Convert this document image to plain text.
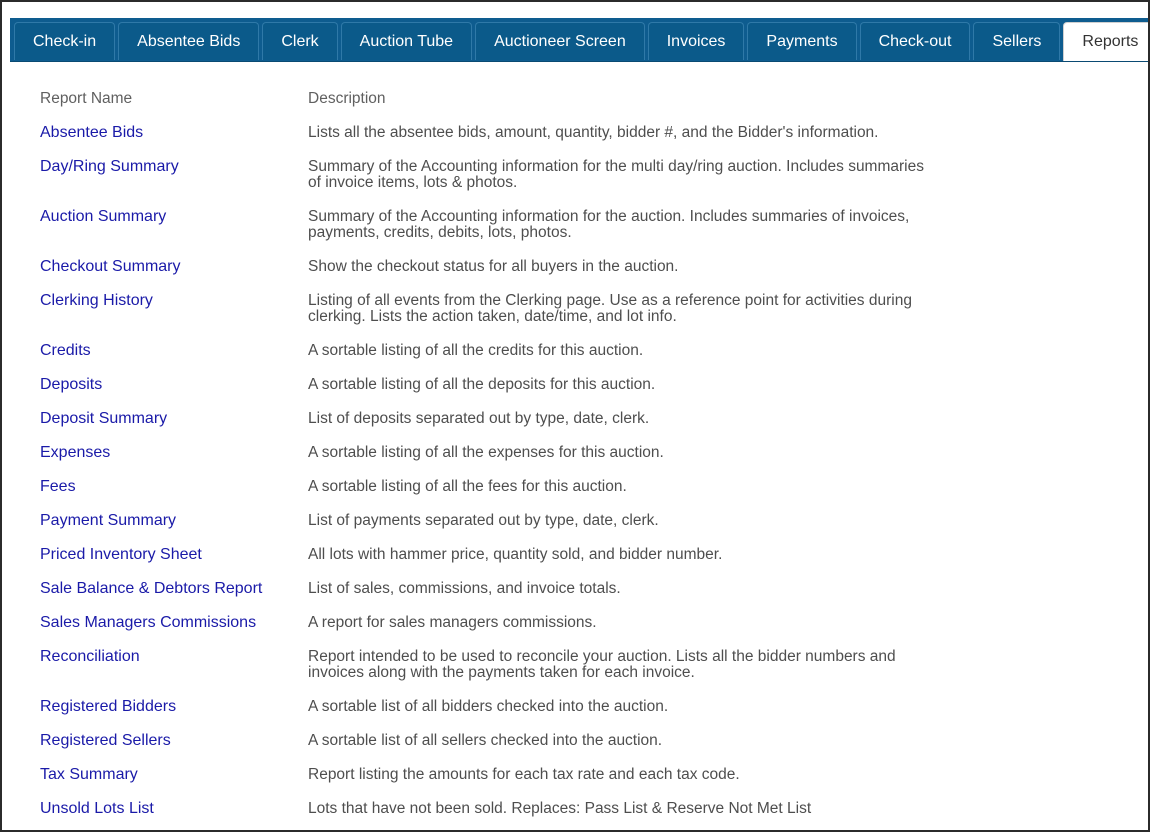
Check-in	Absentee Bids	Clerk	Auction Tube	Auctioneer Screen	Invoices	Payments	Check-out	Sellers	Reports
Report Name	Description
Absentee Bids	Lists all the absentee bids, amount, quantity, bidder #, and the Bidder's information.
Day/Ring Summary	Summary of the Accounting information for the multi day/ring auction. Includes summaries of invoice items, lots & photos.
Auction Summary	Summary of the Accounting information for the auction. Includes summaries of invoices, payments, credits, debits, lots, photos.
Checkout Summary	Show the checkout status for all buyers in the auction.
Clerking History	Listing of all events from the Clerking page. Use as a reference point for activities during clerking. Lists the action taken, date/time, and lot info.
Credits	A sortable listing of all the credits for this auction.
Deposits	A sortable listing of all the deposits for this auction.
Deposit Summary	List of deposits separated out by type, date, clerk.
Expenses	A sortable listing of all the expenses for this auction.
Fees	A sortable listing of all the fees for this auction.
Payment Summary	List of payments separated out by type, date, clerk.
Priced Inventory Sheet	All lots with hammer price, quantity sold, and bidder number.
Sale Balance & Debtors Report	List of sales, commissions, and invoice totals.
Sales Managers Commissions	A report for sales managers commissions.
Reconciliation	Report intended to be used to reconcile your auction. Lists all the bidder numbers and invoices along with the payments taken for each invoice.
Registered Bidders	A sortable list of all bidders checked into the auction.
Registered Sellers	A sortable list of all sellers checked into the auction.
Tax Summary	Report listing the amounts for each tax rate and each tax code.
Unsold Lots List	Lots that have not been sold. Replaces: Pass List & Reserve Not Met List
